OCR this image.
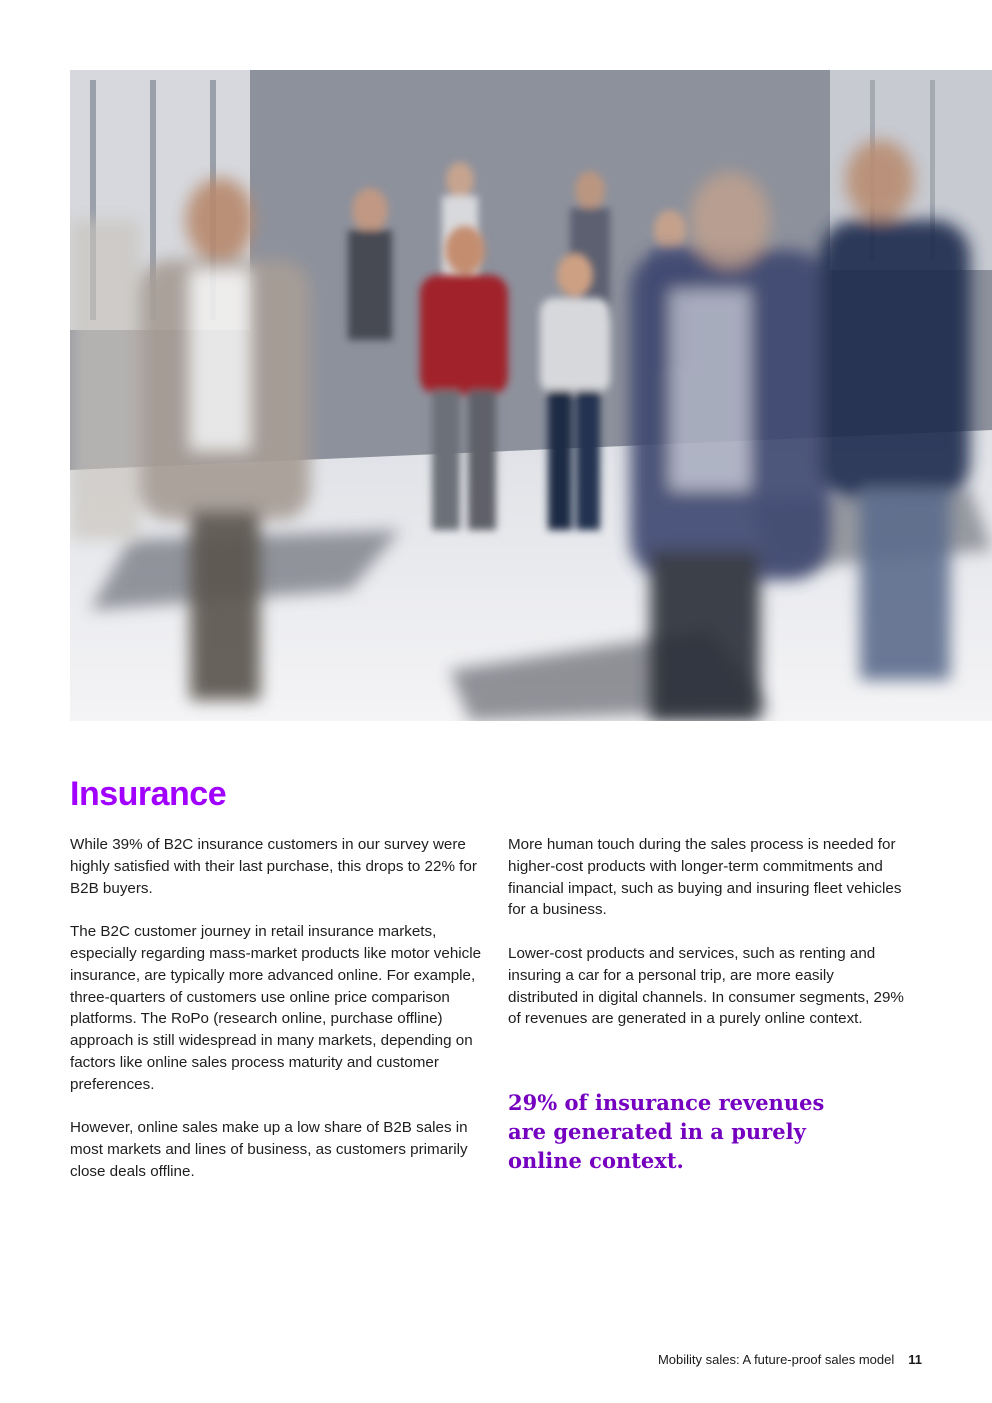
Insurance

While 39% of B2C insurance customers in our survey were highly satisfied with their last purchase, this drops to 22% for B2B buyers.

The B2C customer journey in retail insurance markets, especially regarding mass-market products like motor vehicle insurance, are typically more advanced online. For example, three-quarters of customers use online price comparison platforms. The RoPo (research online, purchase offline) approach is still widespread in many markets, depending on factors like online sales process maturity and customer preferences.

However, online sales make up a low share of B2B sales in most markets and lines of business, as customers primarily close deals offline.

More human touch during the sales process is needed for higher-cost products with longer-term commitments and financial impact, such as buying and insuring fleet vehicles for a business.

Lower-cost products and services, such as renting and insuring a car for a personal trip, are more easily distributed in digital channels. In consumer segments, 29% of revenues are generated in a purely online context.

29% of insurance revenues are generated in a purely online context.

Mobility sales: A future-proof sales model 11
